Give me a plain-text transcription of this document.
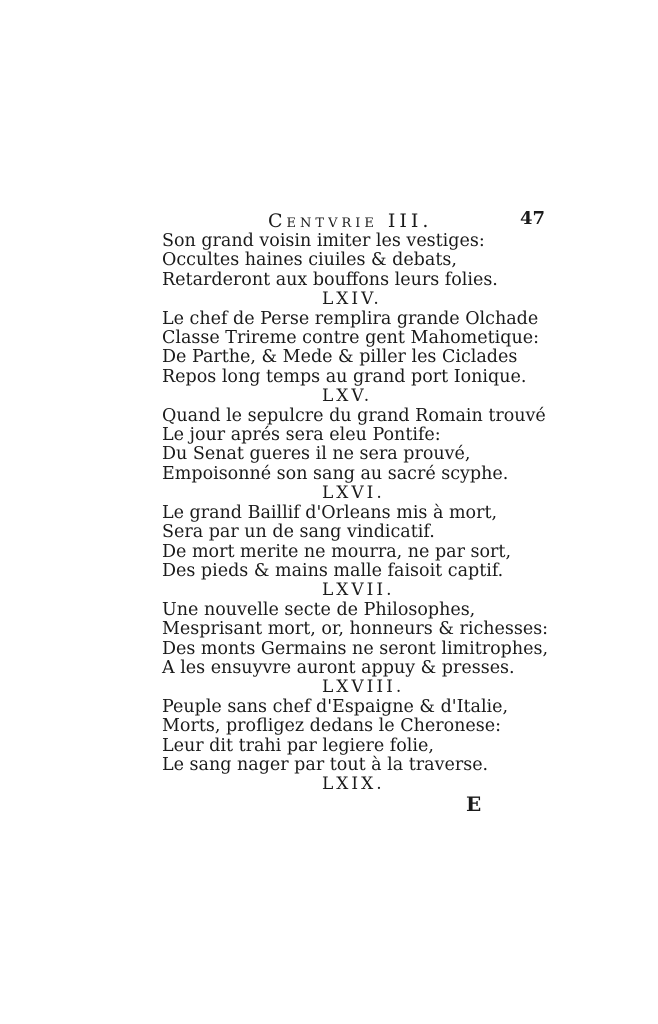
Centvrie III.	47
Son grand voisin imiter les vestiges:
Occultes haines ciuiles & debats,
Retarderont aux bouffons leurs folies.
LXIV.
Le chef de Perse remplira grande Olchade
Classe Trireme contre gent Mahometique:
De Parthe, & Mede & piller les Ciclades
Repos long temps au grand port Ionique.
LXV.
Quand le sepulcre du grand Romain trouvé
Le jour aprés sera eleu Pontife:
Du Senat gueres il ne sera prouvé,
Empoisonné son sang au sacré scyphe.
LXVI.
Le grand Baillif d'Orleans mis à mort,
Sera par un de sang vindicatif.
De mort merite ne mourra, ne par sort,
Des pieds & mains malle faisoit captif.
LXVII.
Une nouvelle secte de Philosophes,
Mesprisant mort, or, honneurs & richesses:
Des monts Germains ne seront limitrophes,
A les ensuyvre auront appuy & presses.
LXVIII.
Peuple sans chef d'Espaigne & d'Italie,
Morts, profligez dedans le Cheronese:
Leur dit trahi par legiere folie,
Le sang nager par tout à la traverse.
LXIX.
E
